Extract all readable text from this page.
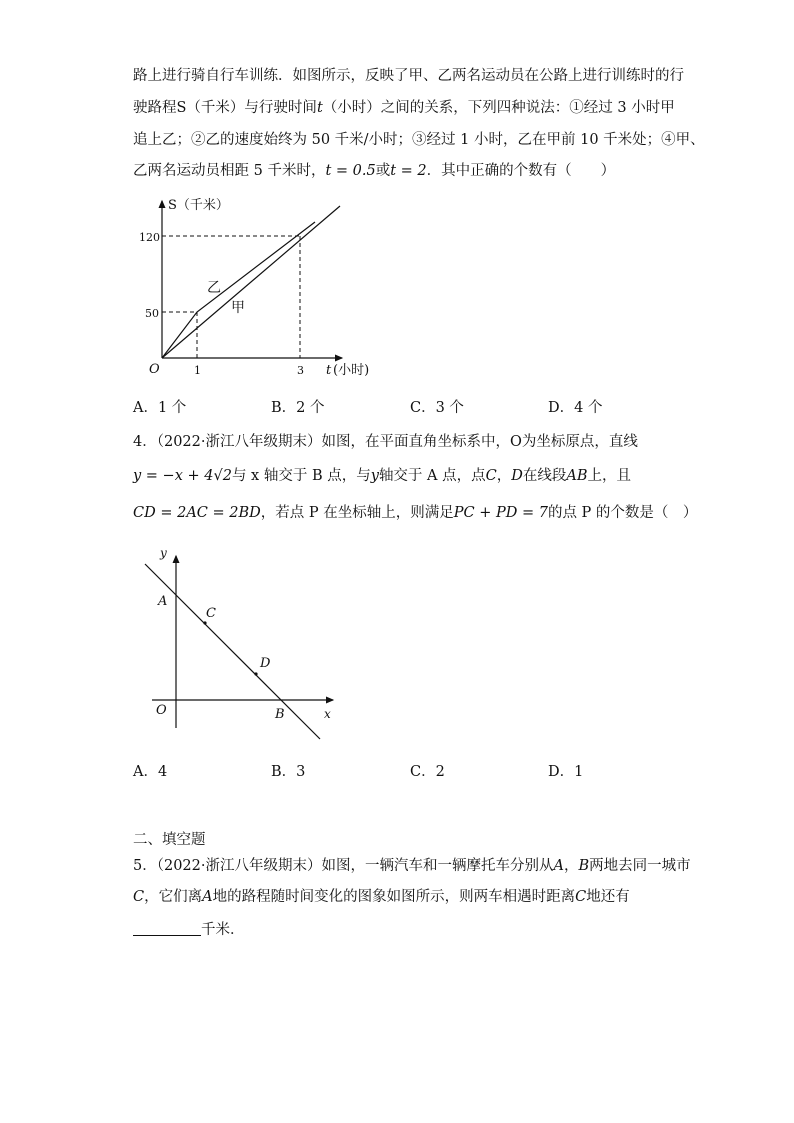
路上进行骑自行车训练．如图所示，反映了甲、乙两名运动员在公路上进行训练时的行
驶路程S（千米）与行驶时间t（小时）之间的关系，下列四种说法：①经过 3 小时甲
追上乙；②乙的速度始终为 50 千米/小时；③经过 1 小时，乙在甲前 10 千米处；④甲、
乙两名运动员相距 5 千米时，t = 0.5或t = 2．其中正确的个数有（　　）
S（千米）
120
50
O	1	3 t (小时)
乙
甲
A．1 个	B．2 个	C．3 个	D．4 个
4．（2022·浙江八年级期末）如图，在平面直角坐标系中，O为坐标原点，直线
y = −x + 4√2与 x 轴交于 B 点，与y轴交于 A 点，点C，D在线段AB上，且
CD = 2AC = 2BD，若点 P 在坐标轴上，则满足PC + PD = 7的点 P 的个数是（　）
y
x
O
A
B
C
D
A．4	B．3	C．2	D．1
二、填空题
5．（2022·浙江八年级期末）如图，一辆汽车和一辆摩托车分别从A，B两地去同一城市
C，它们离A地的路程随时间变化的图象如图所示，则两车相遇时距离C地还有
千米．
